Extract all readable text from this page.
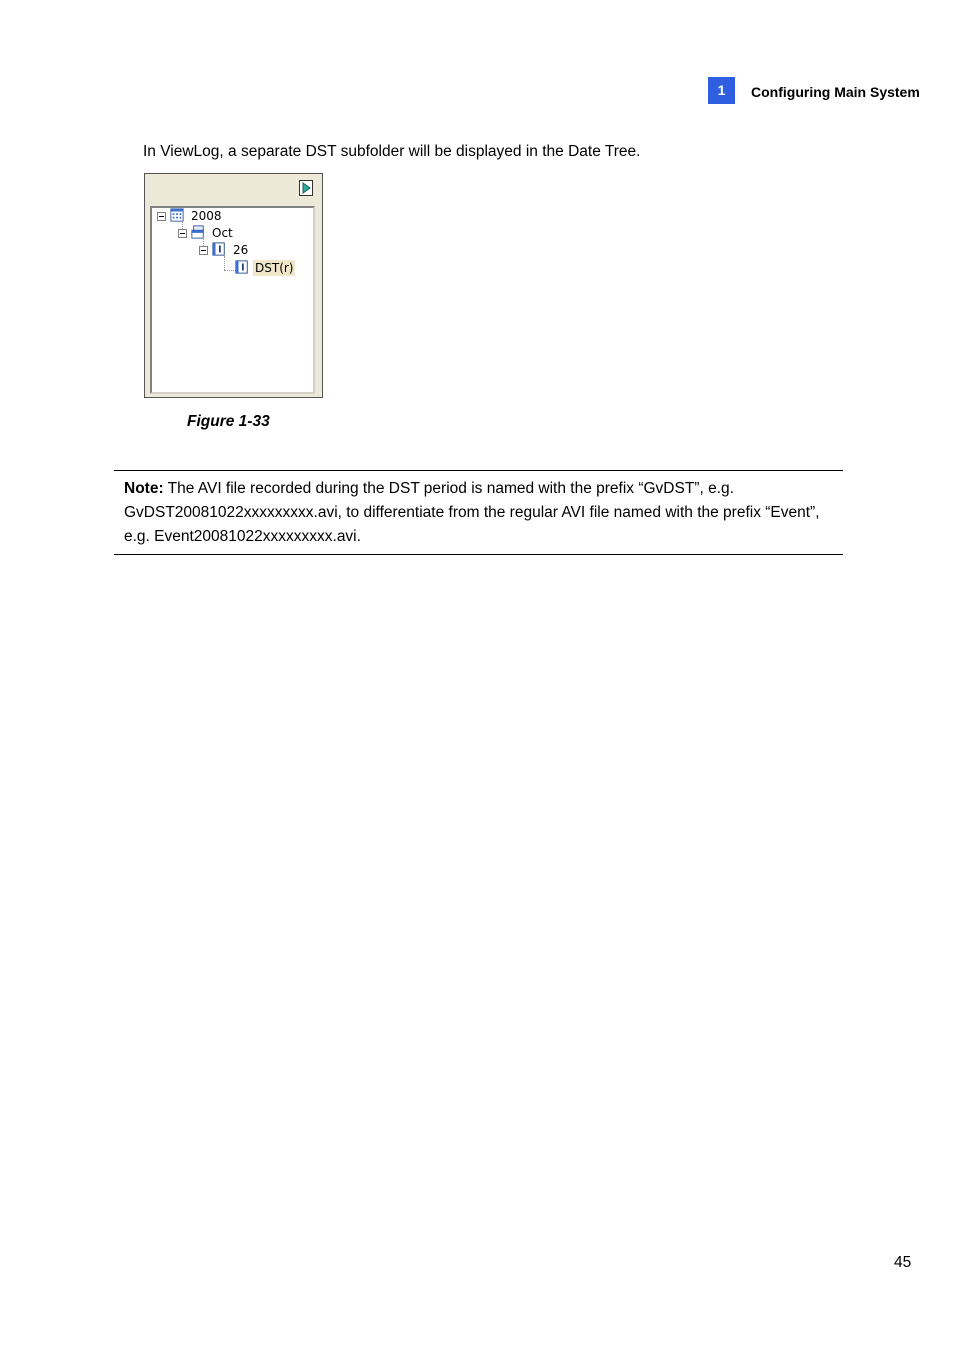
1	Configuring Main System
In ViewLog, a separate DST subfolder will be displayed in the Date Tree.
2008
Oct
26
DST(r)
Figure 1-33
Note: The AVI file recorded during the DST period is named with the prefix “GvDST”, e.g. GvDST20081022xxxxxxxxx.avi, to differentiate from the regular AVI file named with the prefix “Event”, e.g. Event20081022xxxxxxxxx.avi.
45
